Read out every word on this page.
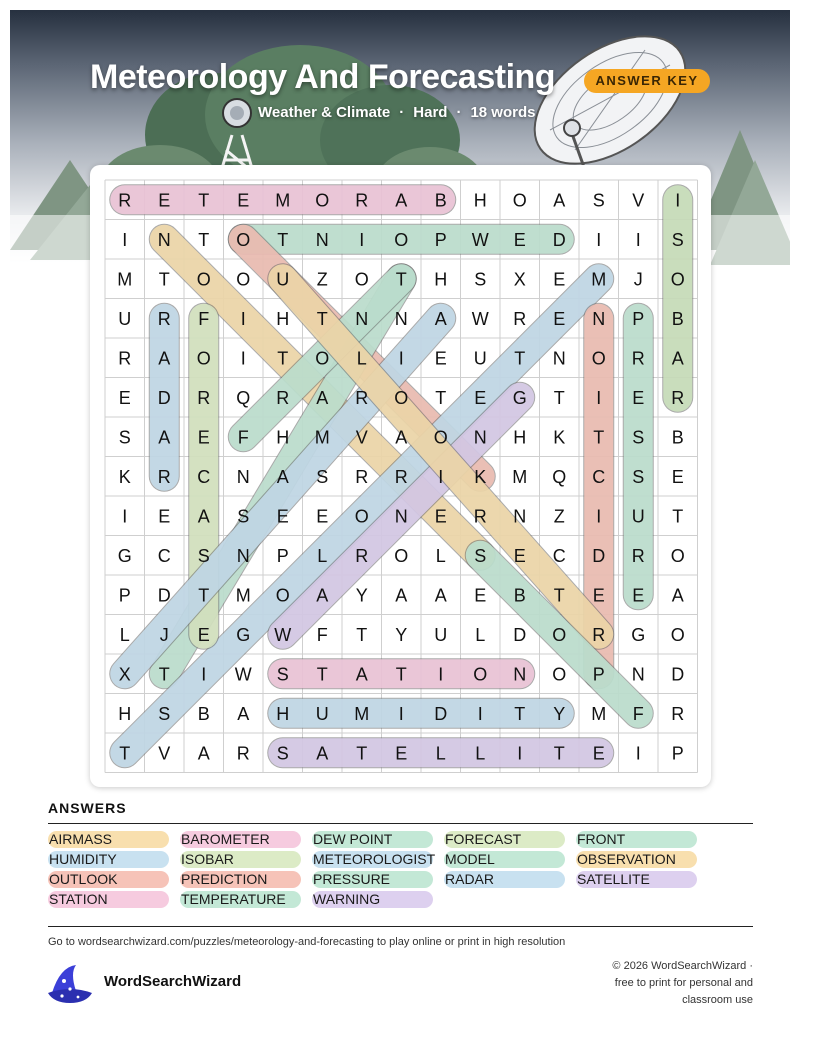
Meteorology And Forecasting	ANSWER KEY
Weather & Climate · Hard · 18 words
R E T E M O R A B H O A S V I
I N T O T N I O P W E D I I S
M T O O U Z O T H S X E M J O
U R F I H T N N A W R E N P B
R A O I T O L I E U T N O R A
E D R Q R A R O T E G T I E R
S A E F H M V A O N H K T S B
K R C N A S R R I K M Q C S E
I E A S E E O N E R N Z I U T
G C S N P L R O L S E C D R O
P D T M O A Y A A E B T E E A
L J E G W F T Y U L D O R G O
X T I W S T A T I O N O P N D
H S B A H U M I D I T Y M F R
T V A R S A T E L L I T E I P
ANSWERS
AIRMASS	BAROMETER	DEW POINT	FORECAST	FRONT
HUMIDITY	ISOBAR	METEOROLOGIST MODEL	OBSERVATION
OUTLOOK	PREDICTION	PRESSURE	RADAR	SATELLITE
STATION	TEMPERATURE	WARNING
Go to wordsearchwizard.com/puzzles/meteorology-and-forecasting to play online or print in high resolution
WordSearchWizard
© 2026 WordSearchWizard ·
free to print for personal and
classroom use
